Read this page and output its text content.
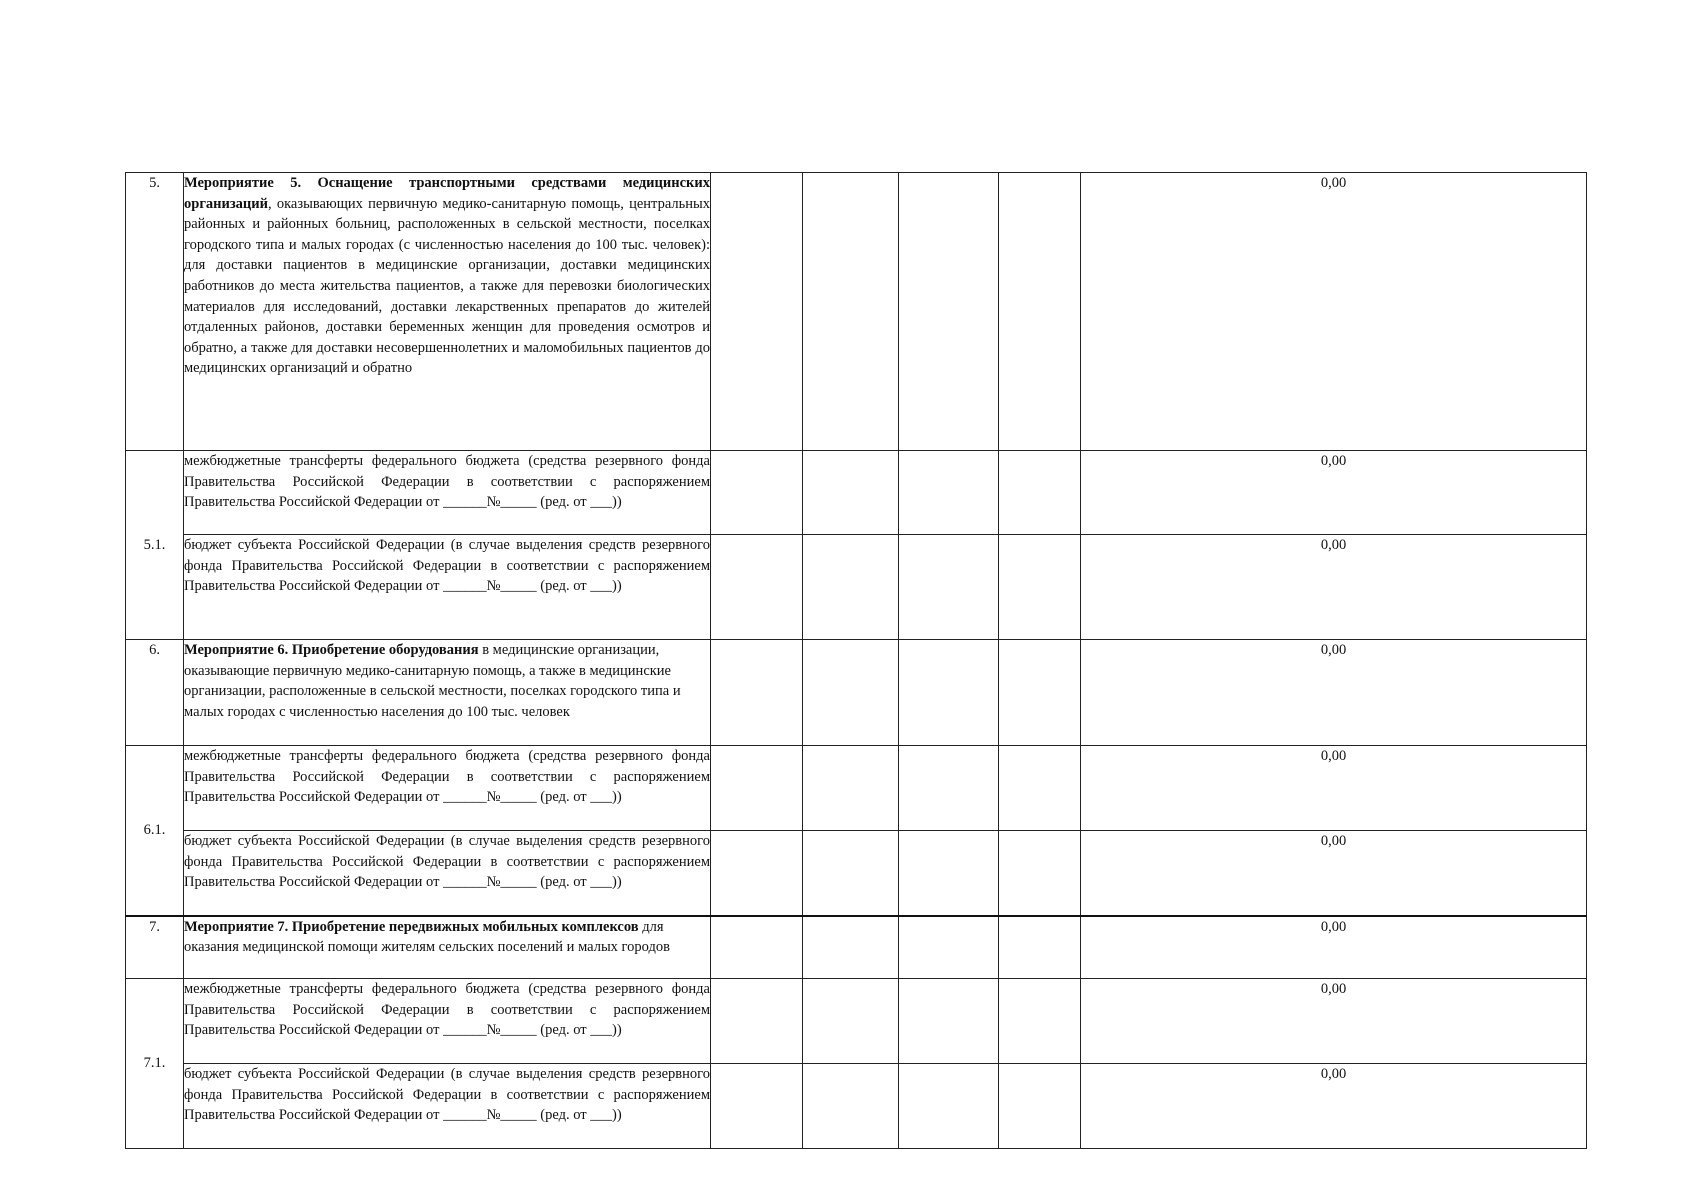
5.	Мероприятие 5. Оснащение транспортными средствами медицинских организаций, оказывающих первичную медико-санитарную помощь, центральных районных и районных больниц, расположенных в сельской местности, поселках городского типа и малых городах (с численностью населения до 100 тыс. человек): для доставки пациентов в медицинские организации, доставки медицинских работников до места жительства пациентов, а также для перевозки биологических материалов для исследований, доставки лекарственных препаратов до жителей отдаленных районов, доставки беременных женщин для проведения осмотров и обратно, а также для доставки несовершеннолетних и маломобильных пациентов до медицинских организаций и обратно					0,00
5.1.	межбюджетные трансферты федерального бюджета (средства резервного фонда Правительства Российской Федерации в соответствии с распоряжением Правительства Российской Федерации от ______№_____ (ред. от ___))					0,00
	бюджет субъекта Российской Федерации (в случае выделения средств резервного фонда Правительства Российской Федерации в соответствии с распоряжением Правительства Российской Федерации от ______№_____ (ред. от ___))					0,00
6.	Мероприятие 6. Приобретение оборудования в медицинские организации, оказывающие первичную медико-санитарную помощь, а также в медицинские организации, расположенные в сельской местности, поселках городского типа и малых городах с численностью населения до 100 тыс. человек					0,00
6.1.	межбюджетные трансферты федерального бюджета (средства резервного фонда Правительства Российской Федерации в соответствии с распоряжением Правительства Российской Федерации от ______№_____ (ред. от ___))					0,00
	бюджет субъекта Российской Федерации (в случае выделения средств резервного фонда Правительства Российской Федерации в соответствии с распоряжением Правительства Российской Федерации от ______№_____ (ред. от ___))					0,00
7.	Мероприятие 7. Приобретение передвижных мобильных комплексов для оказания медицинской помощи жителям сельских поселений и малых городов					0,00
7.1.	межбюджетные трансферты федерального бюджета (средства резервного фонда Правительства Российской Федерации в соответствии с распоряжением Правительства Российской Федерации от ______№_____ (ред. от ___))					0,00
	бюджет субъекта Российской Федерации (в случае выделения средств резервного фонда Правительства Российской Федерации в соответствии с распоряжением Правительства Российской Федерации от ______№_____ (ред. от ___))					0,00
